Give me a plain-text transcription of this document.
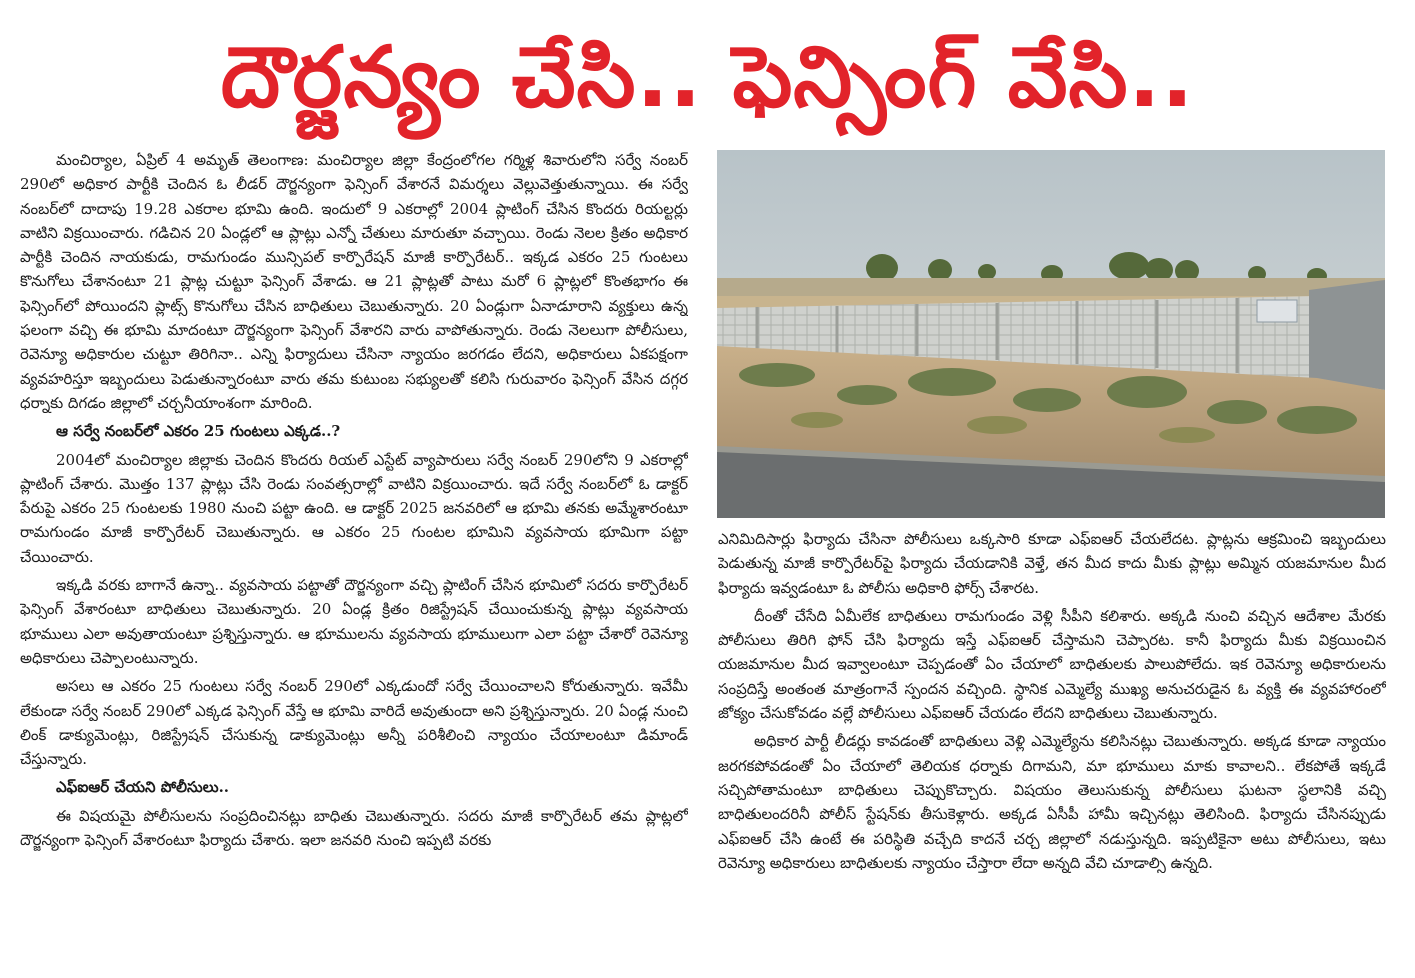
దౌర్జన్యం చేసి.. ఫెన్సింగ్ వేసి..

మంచిర్యాల, ఏప్రిల్ 4 అమృత్ తెలంగాణ: మంచిర్యాల జిల్లా కేంద్రంలోగల గర్మిళ్ల శివారులోని సర్వే నంబర్ 290లో అధికార పార్టీకి చెందిన ఓ లీడర్ దౌర్జన్యంగా ఫెన్సింగ్ వేశారనే విమర్శలు వెల్లువెత్తుతున్నాయి. ఈ సర్వే నంబర్‌లో దాదాపు 19.28 ఎకరాల భూమి ఉంది. ఇందులో 9 ఎకరాల్లో 2004 ప్లాటింగ్ చేసిన కొందరు రియల్టర్లు వాటిని విక్రయించారు. గడిచిన 20 ఏండ్లలో ఆ ప్లాట్లు ఎన్నో చేతులు మారుతూ వచ్చాయి. రెండు నెలల క్రితం అధికార పార్టీకి చెందిన నాయకుడు, రామగుండం మున్సిపల్ కార్పొరేషన్ మాజీ కార్పొరేటర్.. ఇక్కడ ఎకరం 25 గుంటలు కొనుగోలు చేశానంటూ 21 ప్లాట్ల చుట్టూ ఫెన్సింగ్ వేశాడు. ఆ 21 ప్లాట్లతో పాటు మరో 6 ప్లాట్లలో కొంతభాగం ఈ ఫెన్సింగ్‌లో పోయిందని ప్లాట్స్ కొనుగోలు చేసిన బాధితులు చెబుతున్నారు. 20 ఏండ్లుగా ఏనాడూరాని వ్యక్తులు ఉన్న ఫలంగా వచ్చి ఈ భూమి మాదంటూ దౌర్జన్యంగా ఫెన్సింగ్ వేశారని వారు వాపోతున్నారు. రెండు నెలలుగా పోలీసులు, రెవెన్యూ అధికారుల చుట్టూ తిరిగినా.. ఎన్ని ఫిర్యాదులు చేసినా న్యాయం జరగడం లేదని, అధికారులు ఏకపక్షంగా వ్యవహరిస్తూ ఇబ్బందులు పెడుతున్నారంటూ వారు తమ కుటుంబ సభ్యులతో కలిసి గురువారం ఫెన్సింగ్ వేసిన దగ్గర ధర్నాకు దిగడం జిల్లాలో చర్చనీయాంశంగా మారింది.

ఆ సర్వే నంబర్‌లో ఎకరం 25 గుంటలు ఎక్కడ..?

2004లో మంచిర్యాల జిల్లాకు చెందిన కొందరు రియల్ ఎస్టేట్ వ్యాపారులు సర్వే నంబర్ 290లోని 9 ఎకరాల్లో ప్లాటింగ్ చేశారు. మొత్తం 137 ప్లాట్లు చేసి రెండు సంవత్సరాల్లో వాటిని విక్రయించారు. ఇదే సర్వే నంబర్‌లో ఓ డాక్టర్ పేరుపై ఎకరం 25 గుంటలకు 1980 నుంచి పట్టా ఉంది. ఆ డాక్టర్ 2025 జనవరిలో ఆ భూమి తనకు అమ్మేశారంటూ రామగుండం మాజీ కార్పొరేటర్ చెబుతున్నారు. ఆ ఎకరం 25 గుంటల భూమిని వ్యవసాయ భూమిగా పట్టా చేయించారు.

ఇక్కడి వరకు బాగానే ఉన్నా.. వ్యవసాయ పట్టాతో దౌర్జన్యంగా వచ్చి ప్లాటింగ్ చేసిన భూమిలో సదరు కార్పొరేటర్ ఫెన్సింగ్ వేశారంటూ బాధితులు చెబుతున్నారు. 20 ఏండ్ల క్రితం రిజిస్ట్రేషన్ చేయించుకున్న ప్లాట్లు వ్యవసాయ భూములు ఎలా అవుతాయంటూ ప్రశ్నిస్తున్నారు. ఆ భూములను వ్యవసాయ భూములుగా ఎలా పట్టా చేశారో రెవెన్యూ అధికారులు చెప్పాలంటున్నారు.

అసలు ఆ ఎకరం 25 గుంటలు సర్వే నంబర్ 290లో ఎక్కడుందో సర్వే చేయించాలని కోరుతున్నారు. ఇవేమీ లేకుండా సర్వే నంబర్ 290లో ఎక్కడ ఫెన్సింగ్ వేస్తే ఆ భూమి వారిదే అవుతుందా అని ప్రశ్నిస్తున్నారు. 20 ఏండ్ల నుంచి లింక్ డాక్యుమెంట్లు, రిజిస్ట్రేషన్ చేసుకున్న డాక్యుమెంట్లు అన్నీ పరిశీలించి న్యాయం చేయాలంటూ డిమాండ్ చేస్తున్నారు.

ఎఫ్ఐఆర్ చేయని పోలీసులు..

ఈ విషయమై పోలీసులను సంప్రదించినట్లు బాధితు చెబుతున్నారు. సదరు మాజీ కార్పొరేటర్ తమ ప్లాట్లలో దౌర్జన్యంగా ఫెన్సింగ్ వేశారంటూ ఫిర్యాదు చేశారు. ఇలా జనవరి నుంచి ఇప్పటి వరకు

ఎనిమిదిసార్లు ఫిర్యాదు చేసినా పోలీసులు ఒక్కసారి కూడా ఎఫ్ఐఆర్ చేయలేదట. ప్లాట్లను ఆక్రమించి ఇబ్బందులు పెడుతున్న మాజీ కార్పొరేటర్‌పై ఫిర్యాదు చేయడానికి వెళ్తే, తన మీద కాదు మీకు ప్లాట్లు అమ్మిన యజమానుల మీద ఫిర్యాదు ఇవ్వడంటూ ఓ పోలీసు అధికారి ఫోర్స్ చేశారట.

దీంతో చేసేది ఏమీలేక బాధితులు రామగుండం వెళ్లి సీపీని కలిశారు. అక్కడి నుంచి వచ్చిన ఆదేశాల మేరకు పోలీసులు తిరిగి ఫోన్ చేసి ఫిర్యాదు ఇస్తే ఎఫ్ఐఆర్ చేస్తామని చెప్పారట. కానీ ఫిర్యాదు మీకు విక్రయించిన యజమానుల మీద ఇవ్వాలంటూ చెప్పడంతో ఏం చేయాలో బాధితులకు పాలుపోలేదు. ఇక రెవెన్యూ అధికారులను సంప్రదిస్తే అంతంత మాత్రంగానే స్పందన వచ్చింది. స్థానిక ఎమ్మెల్యే ముఖ్య అనుచరుడైన ఓ వ్యక్తి ఈ వ్యవహారంలో జోక్యం చేసుకోవడం వల్లే పోలీసులు ఎఫ్ఐఆర్ చేయడం లేదని బాధితులు చెబుతున్నారు.

అధికార పార్టీ లీడర్లు కావడంతో బాధితులు వెళ్లి ఎమ్మెల్యేను కలిసినట్లు చెబుతున్నారు. అక్కడ కూడా న్యాయం జరగకపోవడంతో ఏం చేయాలో తెలియక ధర్నాకు దిగామని, మా భూములు మాకు కావాలని.. లేకపోతే ఇక్కడే సచ్చిపోతామంటూ బాధితులు చెప్పుకొచ్చారు. విషయం తెలుసుకున్న పోలీసులు ఘటనా స్థలానికి వచ్చి బాధితులందరినీ పోలీస్ స్టేషన్‌కు తీసుకెళ్లారు. అక్కడ ఏసీపీ హామీ ఇచ్చినట్లు తెలిసింది. ఫిర్యాదు చేసినప్పుడు ఎఫ్ఐఆర్ చేసి ఉంటే ఈ పరిస్థితి వచ్చేది కాదనే చర్చ జిల్లాలో నడుస్తున్నది. ఇప్పటికైనా అటు పోలీసులు, ఇటు రెవెన్యూ అధికారులు బాధితులకు న్యాయం చేస్తారా లేదా అన్నది వేచి చూడాల్సి ఉన్నది.
